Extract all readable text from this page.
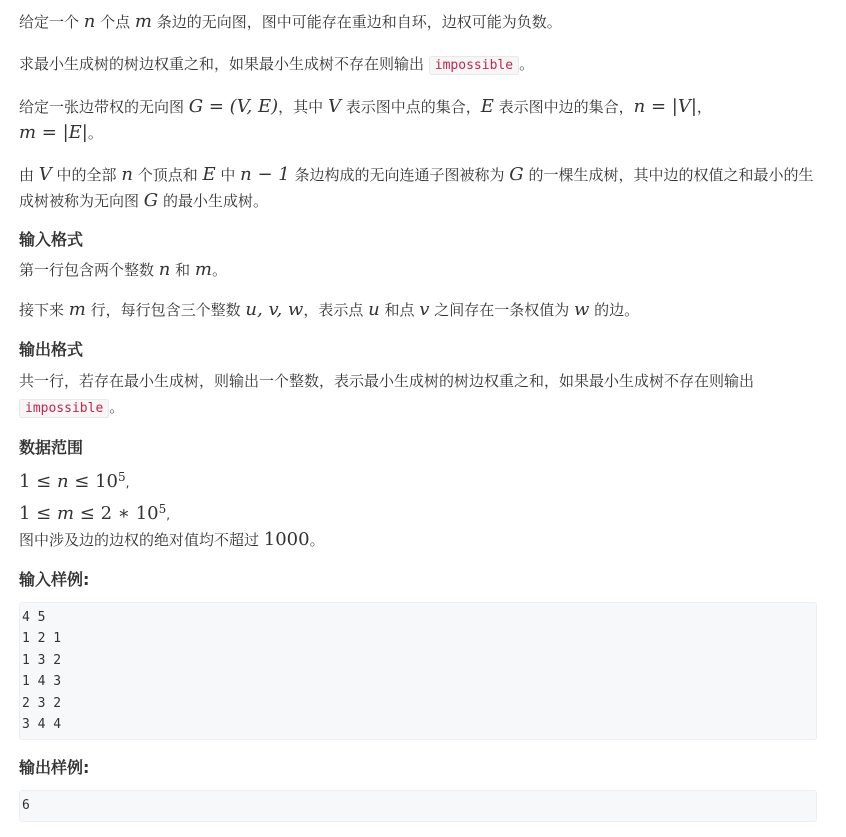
给定一个 n 个点 m 条边的无向图，图中可能存在重边和自环，边权可能为负数。

求最小生成树的树边权重之和，如果最小生成树不存在则输出 impossible 。

给定一张边带权的无向图 G = (V, E)，其中 V 表示图中点的集合，E 表示图中边的集合，n = |V|，
m = |E|。

由 V 中的全部 n 个顶点和 E 中 n − 1 条边构成的无向连通子图被称为 G 的一棵生成树，其中边的权值之和最小的生成树被称为无向图 G 的最小生成树。

输入格式

第一行包含两个整数 n 和 m。

接下来 m 行，每行包含三个整数 u, v, w，表示点 u 和点 v 之间存在一条权值为 w 的边。

输出格式

共一行，若存在最小生成树，则输出一个整数，表示最小生成树的树边权重之和，如果最小生成树不存在则输出
impossible 。

数据范围

$1 \le n \le 10^5$,

1 ≤ m ≤ 2 ∗ $10^5$,

图中涉及边的边权的绝对值均不超过 1000。

输入样例:
4 5
1 2 1
1 3 2
1 4 3
2 3 2
3 4 4
输出样例:
6
